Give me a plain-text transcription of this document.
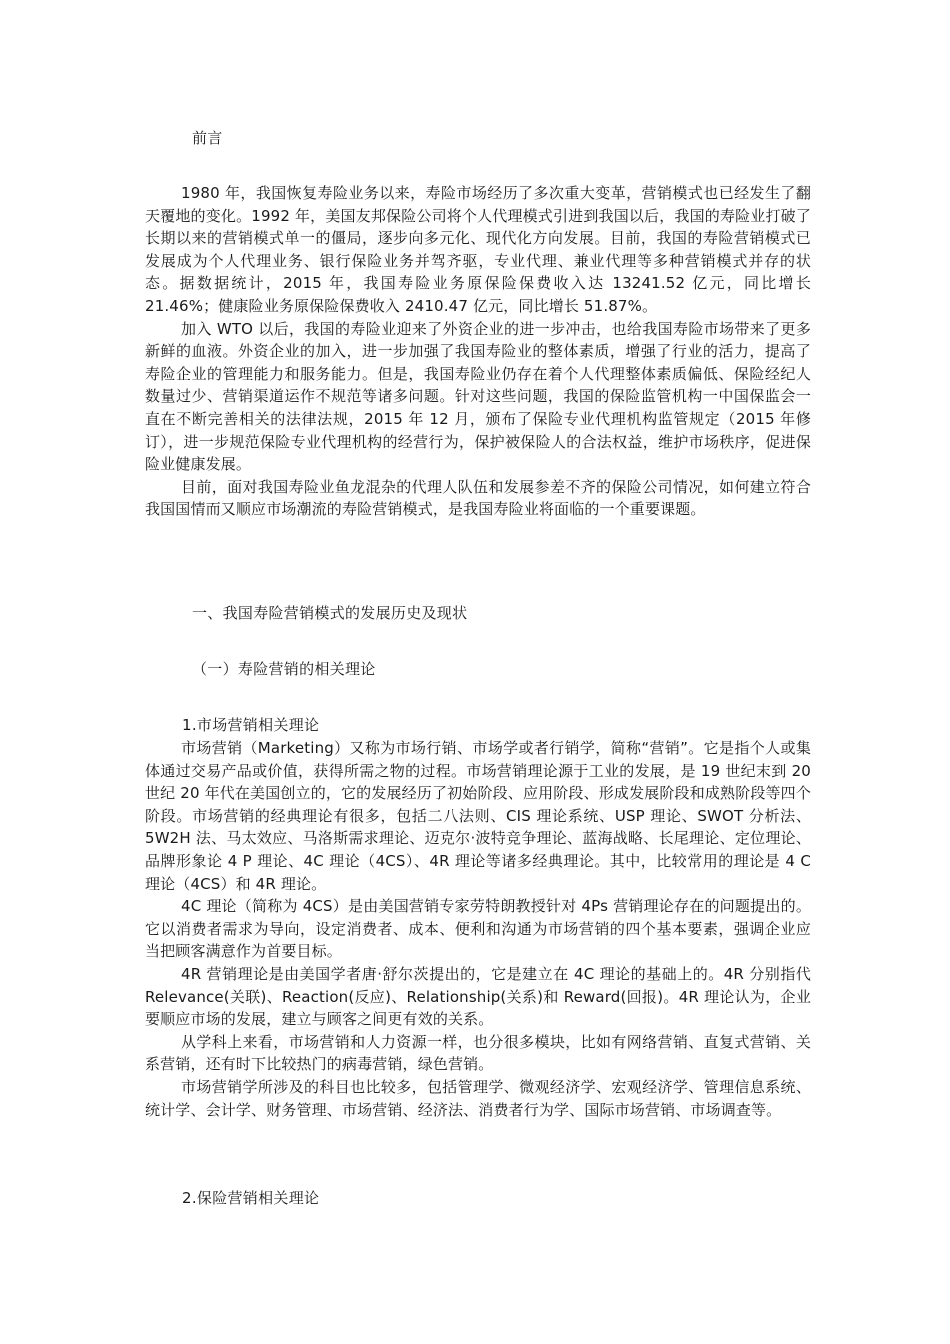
前言

1980 年，我国恢复寿险业务以来，寿险市场经历了多次重大变革，营销模式也已经发生了翻天覆地的变化。1992 年，美国友邦保险公司将个人代理模式引进到我国以后，我国的寿险业打破了长期以来的营销模式单一的僵局，逐步向多元化、现代化方向发展。目前，我国的寿险营销模式已发展成为个人代理业务、银行保险业务并驾齐驱，专业代理、兼业代理等多种营销模式并存的状态。据数据统计，2015 年，我国寿险业务原保险保费收入达 13241.52 亿元，同比增长 21.46%；健康险业务原保险保费收入 2410.47 亿元，同比增长 51.87%。

加入 WTO 以后，我国的寿险业迎来了外资企业的进一步冲击，也给我国寿险市场带来了更多新鲜的血液。外资企业的加入，进一步加强了我国寿险业的整体素质，增强了行业的活力，提高了寿险企业的管理能力和服务能力。但是，我国寿险业仍存在着个人代理整体素质偏低、保险经纪人数量过少、营销渠道运作不规范等诸多问题。针对这些问题，我国的保险监管机构一中国保监会一直在不断完善相关的法律法规，2015 年 12 月，颁布了保险专业代理机构监管规定（2015 年修订），进一步规范保险专业代理机构的经营行为，保护被保险人的合法权益，维护市场秩序，促进保险业健康发展。

目前，面对我国寿险业鱼龙混杂的代理人队伍和发展参差不齐的保险公司情况，如何建立符合我国国情而又顺应市场潮流的寿险营销模式，是我国寿险业将面临的一个重要课题。

一、我国寿险营销模式的发展历史及现状
（一）寿险营销的相关理论
1.市场营销相关理论

市场营销（Marketing）又称为市场行销、市场学或者行销学，简称“营销”。它是指个人或集体通过交易产品或价值，获得所需之物的过程。市场营销理论源于工业的发展，是 19 世纪末到 20 世纪 20 年代在美国创立的，它的发展经历了初始阶段、应用阶段、形成发展阶段和成熟阶段等四个阶段。市场营销的经典理论有很多，包括二八法则、CIS 理论系统、USP 理论、SWOT 分析法、5W2H 法、马太效应、马洛斯需求理论、迈克尔·波特竞争理论、蓝海战略、长尾理论、定位理论、品牌形象论 4 P 理论、4C 理论（4CS）、4R 理论等诸多经典理论。其中，比较常用的理论是 4 C 理论（4CS）和 4R 理论。

4C 理论（简称为 4CS）是由美国营销专家劳特朗教授针对 4Ps 营销理论存在的问题提出的。它以消费者需求为导向，设定消费者、成本、便利和沟通为市场营销的四个基本要素，强调企业应当把顾客满意作为首要目标。

4R 营销理论是由美国学者唐·舒尔茨提出的，它是建立在 4C 理论的基础上的。4R 分别指代 Relevance(关联)、Reaction(反应)、Relationship(关系)和 Reward(回报)。4R 理论认为，企业要顺应市场的发展，建立与顾客之间更有效的关系。

从学科上来看，市场营销和人力资源一样，也分很多模块，比如有网络营销、直复式营销、关系营销，还有时下比较热门的病毒营销，绿色营销。

市场营销学所涉及的科目也比较多，包括管理学、微观经济学、宏观经济学、管理信息系统、统计学、会计学、财务管理、市场营销、经济法、消费者行为学、国际市场营销、市场调查等。

2.保险营销相关理论
